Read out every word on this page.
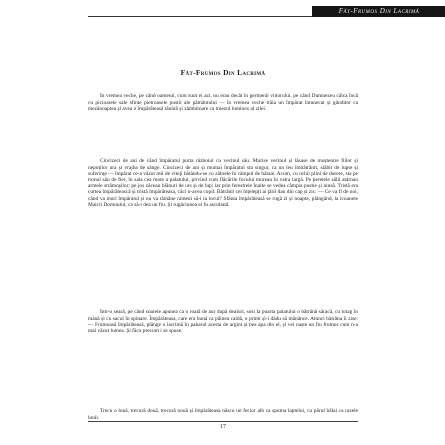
Făt-Frumos Din Lacrimă
Făt-Frumos Din Lacrimă

În vremea veche, pe când oamenii, cum sunt ei azi, nu erau decât în germenii viitorului, pe când Dumnezeu călca încă cu picioarele sale sfinte pietroasele pustii ale pământului — în vremea veche trăia un împărat întunecat și gânditor ca mezănoaptea și avea o împărăteasă tânără și zâmbitoare ca miezul luminos al zilei.

Cincizeci de ani de când împăratul purta războiul cu vecinul său. Murise vecinul și lăsase de moștenire fiilor și nepoților ura și vrajba de sânge. Cincizeci de ani și mumai împăratul sta singur, ca un leu îmbătrânit, slăbit de lupte și suferinţe — împărat ce-a văzut mii de viteji bătându-se cu zăbrele în câmpul de bătaie. Acum, cu ochii plini de durere, sta pe tronul său de fier, în sala cea mare a palatului, privind cum flăcările focului mureau în vatra largă. Pe peretele sălii atârnau armele strămoșilor; pe jos zăceau blănuri de urs și de lup; iar prin ferestrele înalte se vedea câmpia pustie și ninsă. Tristă era curtea împărătească și tristă împărăteasa, căci n-avea copil. Bătrânii cei înțelepți ai ţării dau din cap și zic: — Ce va fi de noi, când va muri împăratul și nu va rămâne nimeni să-i ia locul? Sfânta împărăteasă se rugă zi și noapte, plângând, la icoanele Maicii Domnului, ca să-i dea un fiu. Și rugăciunea ei fu ascultată.

Într-o seară, pe când soarele apunea ca o roată de aur după dealuri, sosi la poarta palatului o bătrână săracă, cu toiag în mână și cu sacul în spinare. Împărăteasa, care era bună ca pâinea caldă, o primi și-i dădu să mănânce. Atunci bătrâna îi zise: — Frumoasă împărăteasă, plânge o lacrimă în paharul acesta de argint și bea apa din el, și vei naște un fiu frumos cum n-a mai văzut lumea. Și făcu precum i se spuse.

Trecu o lună, trecură două, trecură nouă și împărăteasa născu un fecior alb ca spuma laptelui, cu părul bălai ca razele lunii.

17
